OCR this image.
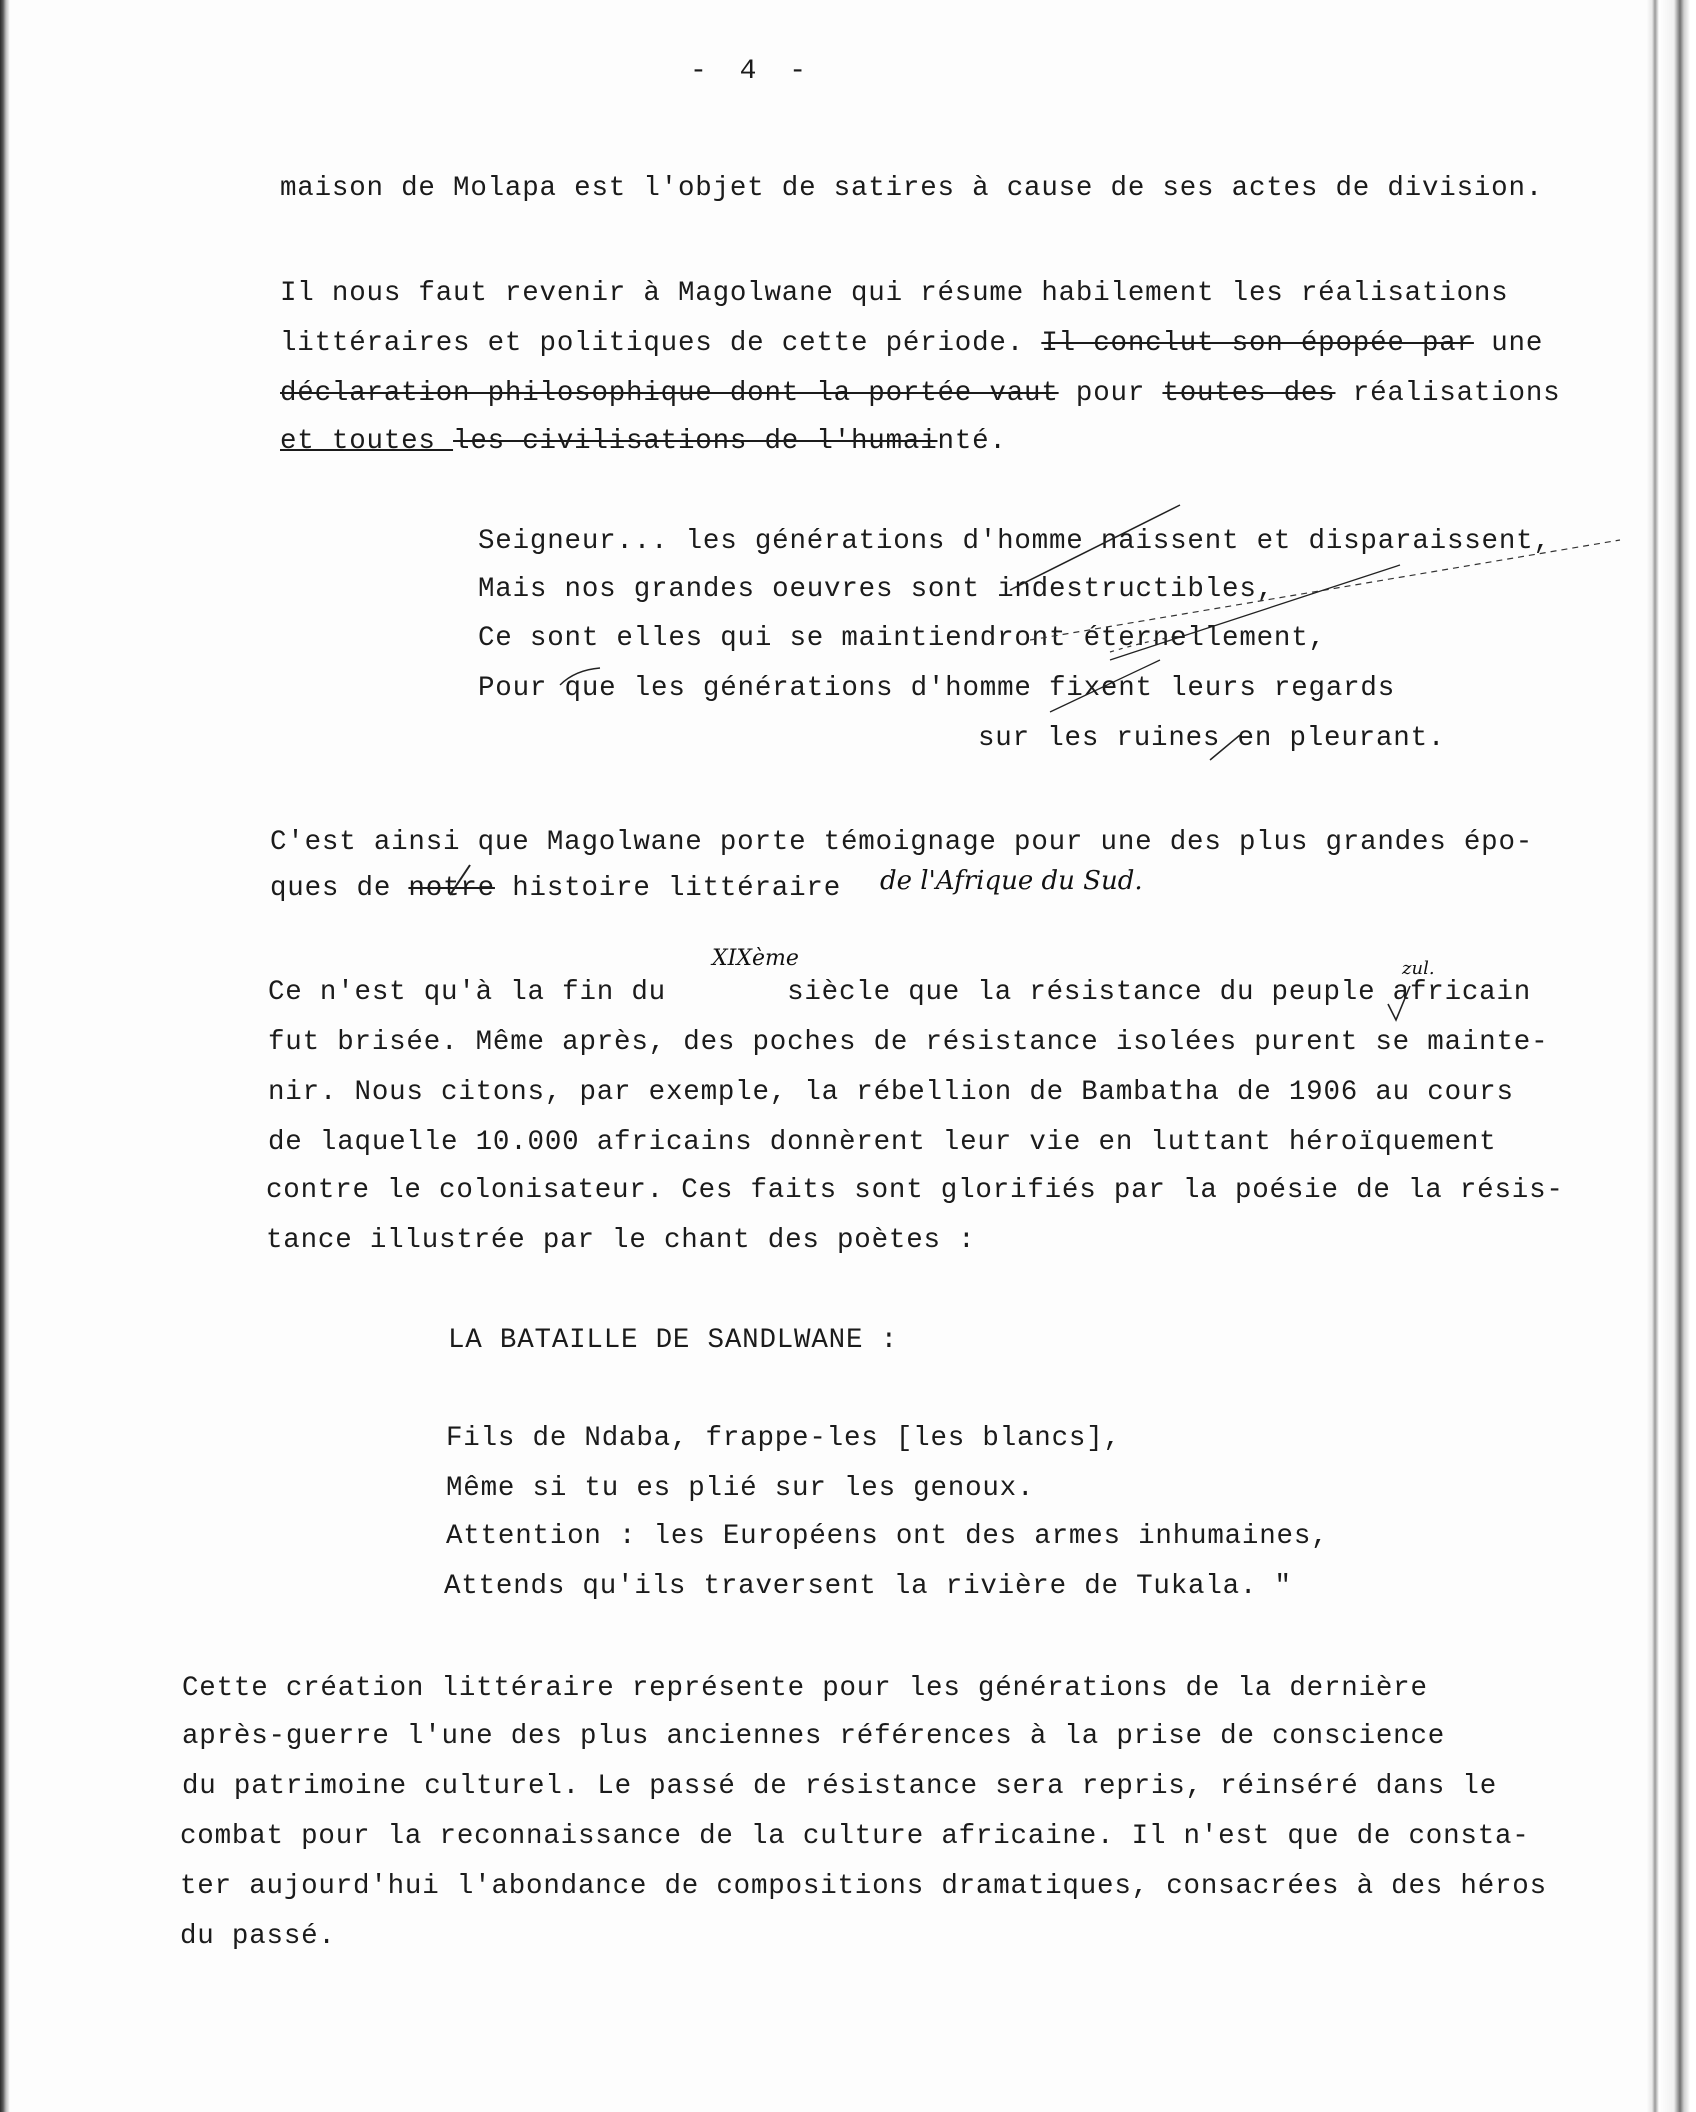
- 4 -
maison de Molapa est l'objet de satires à cause de ses actes de division.
Il nous faut revenir à Magolwane qui résume habilement les réalisations
littéraires et politiques de cette période. Il conclut son épopée par une
déclaration philosophique dont la portée vaut pour toutes des réalisations
et toutes les civilisations de l'humainté.
Seigneur... les générations d'homme naissent et disparaissent,
Mais nos grandes oeuvres sont indestructibles,
Ce sont elles qui se maintiendront éternellement,
Pour que les générations d'homme fixent leurs regards
sur les ruines en pleurant.
C'est ainsi que Magolwane porte témoignage pour une des plus grandes épo-
ques de notre histoire littéraire de l'Afrique du Sud.
XIXème	zul.
Ce n'est qu'à la fin du       siècle que la résistance du peuple africain
fut brisée. Même après, des poches de résistance isolées purent se mainte-
nir. Nous citons, par exemple, la rébellion de Bambatha de 1906 au cours
de laquelle 10.000 africains donnèrent leur vie en luttant héroïquement
contre le colonisateur. Ces faits sont glorifiés par la poésie de la résis-
tance illustrée par le chant des poètes :
LA BATAILLE DE SANDLWANE :
Fils de Ndaba, frappe-les [les blancs],
Même si tu es plié sur les genoux.
Attention : les Européens ont des armes inhumaines,
Attends qu'ils traversent la rivière de Tukala. "
Cette création littéraire représente pour les générations de la dernière
après-guerre l'une des plus anciennes références à la prise de conscience
du patrimoine culturel. Le passé de résistance sera repris, réinséré dans le
combat pour la reconnaissance de la culture africaine. Il n'est que de consta-
ter aujourd'hui l'abondance de compositions dramatiques, consacrées à des héros
du passé.
